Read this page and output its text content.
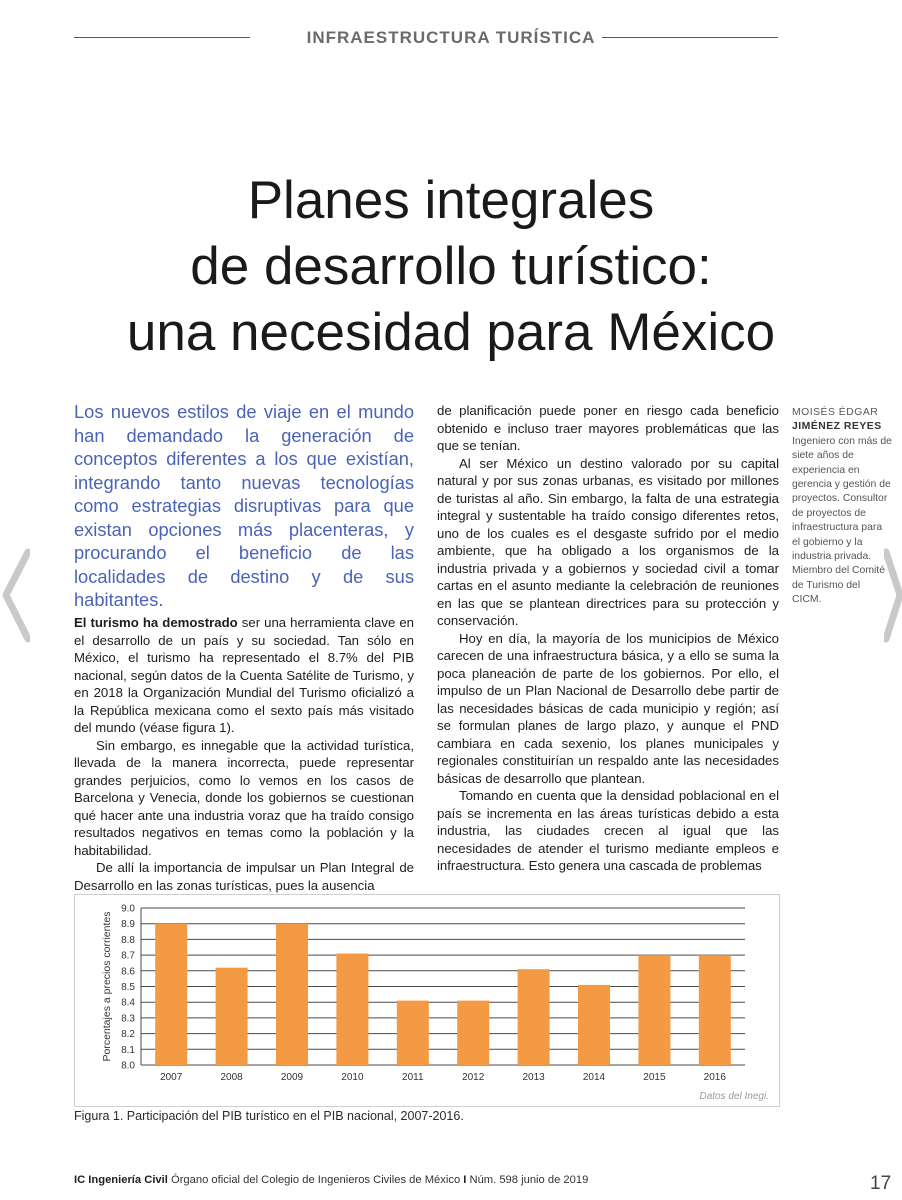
INFRAESTRUCTURA TURÍSTICA
Planes integrales
de desarrollo turístico:
una necesidad para México
Los nuevos estilos de viaje en el mundo han demandado la generación de conceptos diferentes a los que existían, integrando tanto nuevas tecnologías como estrategias disruptivas para que existan opciones más placenteras, y procurando el beneficio de las localidades de destino y de sus habitantes.

El turismo ha demostrado ser una herramienta clave en el desarrollo de un país y su sociedad. Tan sólo en México, el turismo ha representado el 8.7% del PIB nacional, según datos de la Cuenta Satélite de Turismo, y en 2018 la Organización Mundial del Turismo oficializó a la República mexicana como el sexto país más visitado del mundo (véase figura 1).

Sin embargo, es innegable que la actividad turística, llevada de la manera incorrecta, puede representar grandes perjuicios, como lo vemos en los casos de Barcelona y Venecia, donde los gobiernos se cuestionan qué hacer ante una industria voraz que ha traído consigo resultados negativos en temas como la población y la habitabilidad.

De allí la importancia de impulsar un Plan Integral de Desarrollo en las zonas turísticas, pues la ausencia

de planificación puede poner en riesgo cada beneficio obtenido e incluso traer mayores problemáticas que las que se tenían.

Al ser México un destino valorado por su capital natural y por sus zonas urbanas, es visitado por millones de turistas al año. Sin embargo, la falta de una estrategia integral y sustentable ha traído consigo diferentes retos, uno de los cuales es el desgaste sufrido por el medio ambiente, que ha obligado a los organismos de la industria privada y a gobiernos y sociedad civil a tomar cartas en el asunto mediante la celebración de reuniones en las que se plantean directrices para su protección y conservación.

Hoy en día, la mayoría de los municipios de México carecen de una infraestructura básica, y a ello se suma la poca planeación de parte de los gobiernos. Por ello, el impulso de un Plan Nacional de Desarrollo debe partir de las necesidades básicas de cada municipio y región; así se formulan planes de largo plazo, y aunque el PND cambiara en cada sexenio, los planes municipales y regionales constituirían un respaldo ante las necesidades básicas de desarrollo que plantean.

Tomando en cuenta que la densidad poblacional en el país se incrementa en las áreas turísticas debido a esta industria, las ciudades crecen al igual que las necesidades de atender el turismo mediante empleos e infraestructura. Esto genera una cascada de problemas

MOISÉS ÉDGAR
JIMÉNEZ REYES
Ingeniero con más de siete años de experiencia en gerencia y gestión de proyectos. Consultor de proyectos de infraestructura para el gobierno y la industria privada. Miembro del Comité de Turismo del CICM.
8.0
8.1
8.2
8.3
8.4
8.5
8.6
8.7
8.8
8.9
9.0
2007	2008	2009	2010	2011	2012	2013	2014	2015	2016
Porcentajes a precios corrientes
Datos del Inegi.
Figura 1. Participación del PIB turístico en el PIB nacional, 2007-2016.
IC Ingeniería Civil Órgano oficial del Colegio de Ingenieros Civiles de México I Núm. 598 junio de 2019	17
